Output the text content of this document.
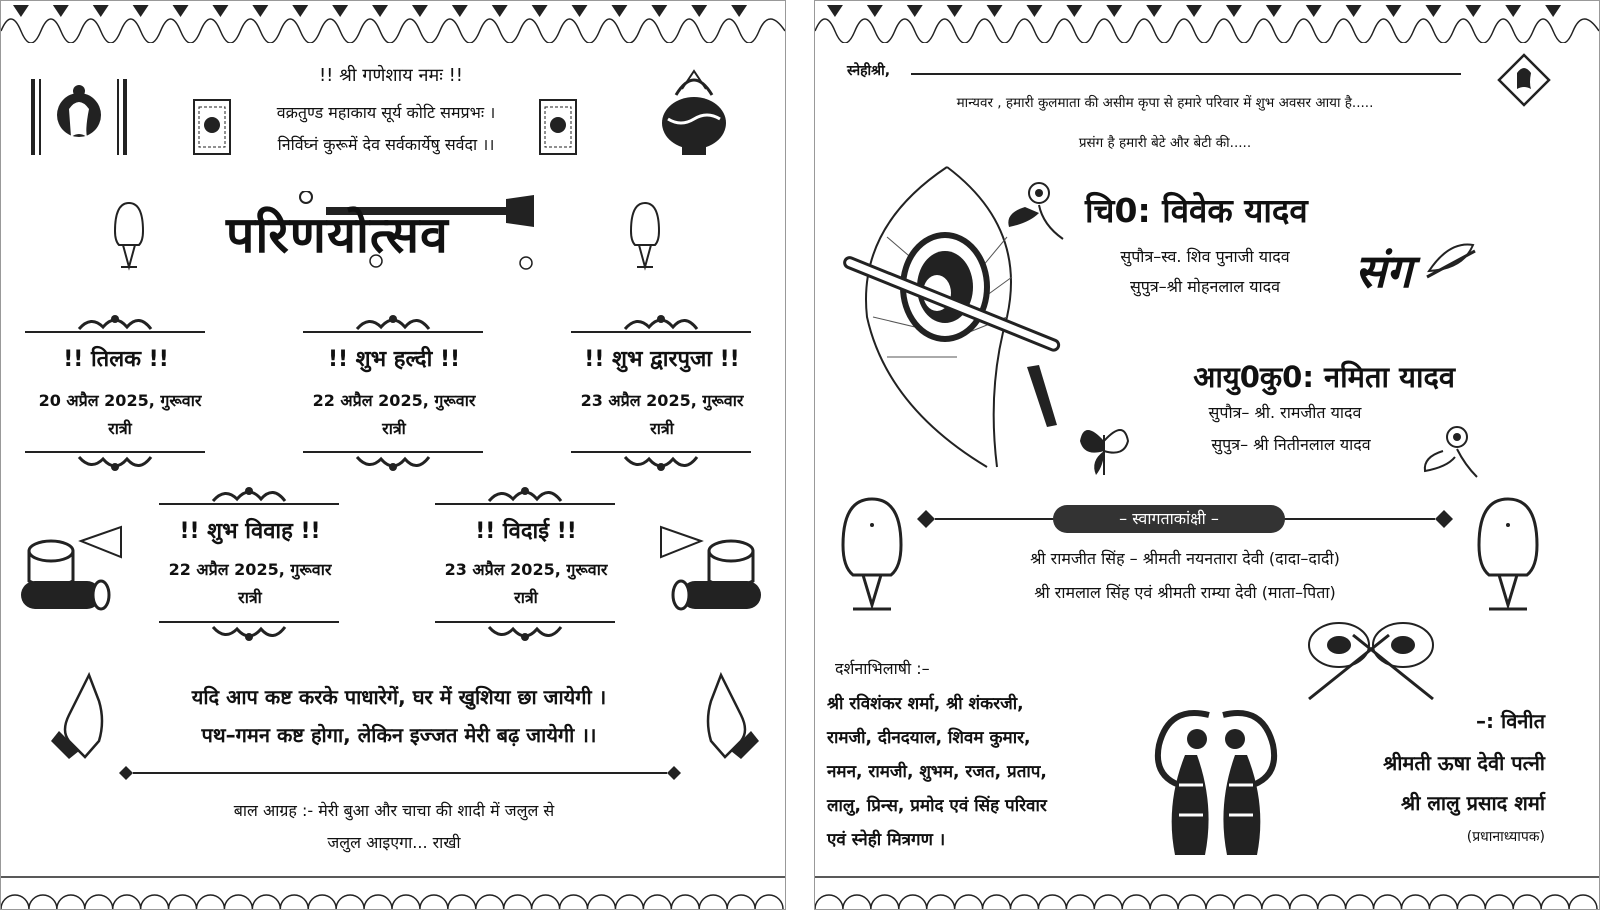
!! श्री गणेशाय नमः !!
वक्रतुण्ड महाकाय सूर्य कोटि समप्रभः ।
निर्विघ्नं कुरूमें देव सर्वकार्येषु सर्वदा ।।
परिणयोत्सव
!! तिलक !!
20 अप्रैल 2025, गुरूवार
रात्री
!! शुभ हल्दी !!
22 अप्रैल 2025, गुरूवार
रात्री
!! शुभ द्वारपुजा !!
23 अप्रैल 2025, गुरूवार
रात्री
!! शुभ विवाह !!
22 अप्रैल 2025, गुरूवार
रात्री
!! विदाई !!
23 अप्रैल 2025, गुरूवार
रात्री
यदि आप कष्ट करके पाधारेगें, घर में खुशिया छा जायेगी ।
पथ–गमन कष्ट होगा, लेकिन इज्जत मेरी बढ़ जायेगी ।।
बाल आग्रह :- मेरी बुआ और चाचा की शादी में जलुल से
जलुल आइएगा... राखी
स्नेहीश्री,
मान्यवर , हमारी कुलमाता की असीम कृपा से हमारे परिवार में शुभ अवसर आया है.....
प्रसंग है हमारी बेटे और बेटी की.....
चि0: विवेक यादव
सुपौत्र–स्व. शिव पुनाजी यादव
सुपुत्र–श्री मोहनलाल यादव	संग
आयु0कु0: नमिता यादव
सुपौत्र– श्री. रामजीत यादव
सुपुत्र– श्री नितीनलाल यादव
– स्वागताकांक्षी –
श्री रामजीत सिंह – श्रीमती नयनतारा देवी (दादा–दादी)
श्री रामलाल सिंह एवं श्रीमती राम्या देवी (माता–पिता)
दर्शनाभिलाषी :–
श्री रविशंकर शर्मा, श्री शंकरजी,
रामजी, दीनदयाल, शिवम कुमार,
नमन, रामजी, शुभम, रजत, प्रताप,
लालु, प्रिन्स, प्रमोद एवं सिंह परिवार
एवं स्नेही मित्रगण ।
–: विनीत
श्रीमती ऊषा देवी पत्नी
श्री लालु प्रसाद शर्मा
(प्रधानाध्यापक)
